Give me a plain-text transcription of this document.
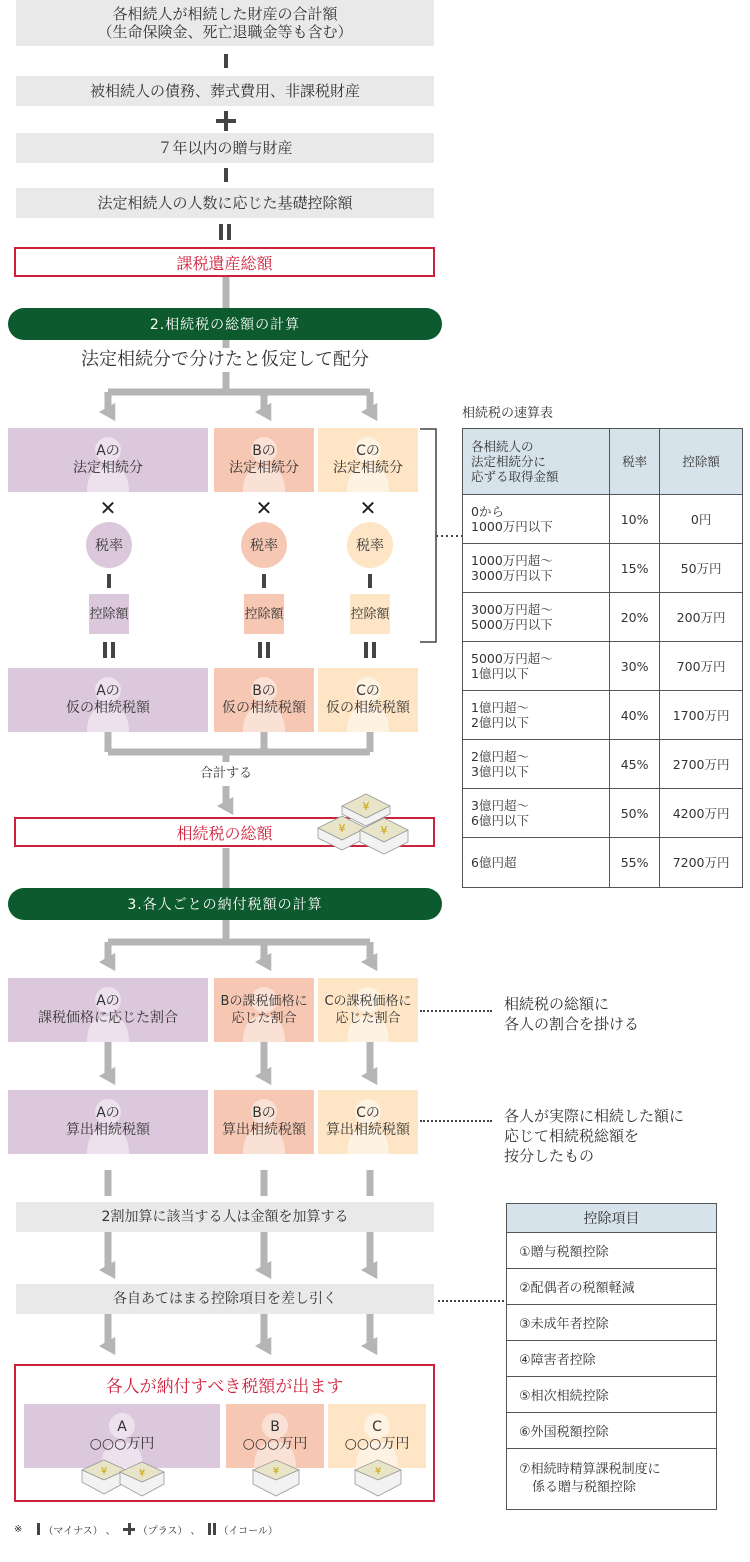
各相続人が相続した財産の合計額
（生命保険金、死亡退職金等も含む）
被相続人の債務、葬式費用、非課税財産
７年以内の贈与財産
法定相続人の人数に応じた基礎控除額
課税遺産総額
2.相続税の総額の計算
法定相続分で分けたと仮定して配分
Aの
法定相続分
Bの
法定相続分
Cの
法定相続分
✕	✕	✕
税率	税率	税率
控除額	控除額	控除額
Aの
仮の相続税額
Bの
仮の相続税額
Cの
仮の相続税額
合計する
相続税の総額
¥
¥	¥
相続税の速算表
各相続人の
法定相続分に
応ずる取得金額	税率	控除額
0から
1000万円以下	10%	0円
1000万円超〜
3000万円以下	15%	50万円
3000万円超〜
5000万円以下	20%	200万円
5000万円超〜
1億円以下	30%	700万円
1億円超〜
2億円以下	40%	1700万円
2億円超〜
3億円以下	45%	2700万円
3億円超〜
6億円以下	50%	4200万円
6億円超	55%	7200万円
3.各人ごとの納付税額の計算
Aの
課税価格に応じた割合
Bの課税価格に
応じた割合
Cの課税価格に
応じた割合
相続税の総額に
各人の割合を掛ける
Aの
算出相続税額
Bの
算出相続税額
Cの
算出相続税額
各人が実際に相続した額に
応じて相続税総額を
按分したもの
2割加算に該当する人は金額を加算する
各自あてはまる控除項目を差し引く
控除項目
①贈与税額控除
②配偶者の税額軽減
③未成年者控除
④障害者控除
⑤相次相続控除
⑥外国税額控除
⑦相続時精算課税制度に
　係る贈与税額控除
各人が納付すべき税額が出ます
A
○○○万円
B
○○○万円
C
○○○万円
¥	¥	¥	¥
※ （マイナス） 、 （プラス） 、 （イコール）
